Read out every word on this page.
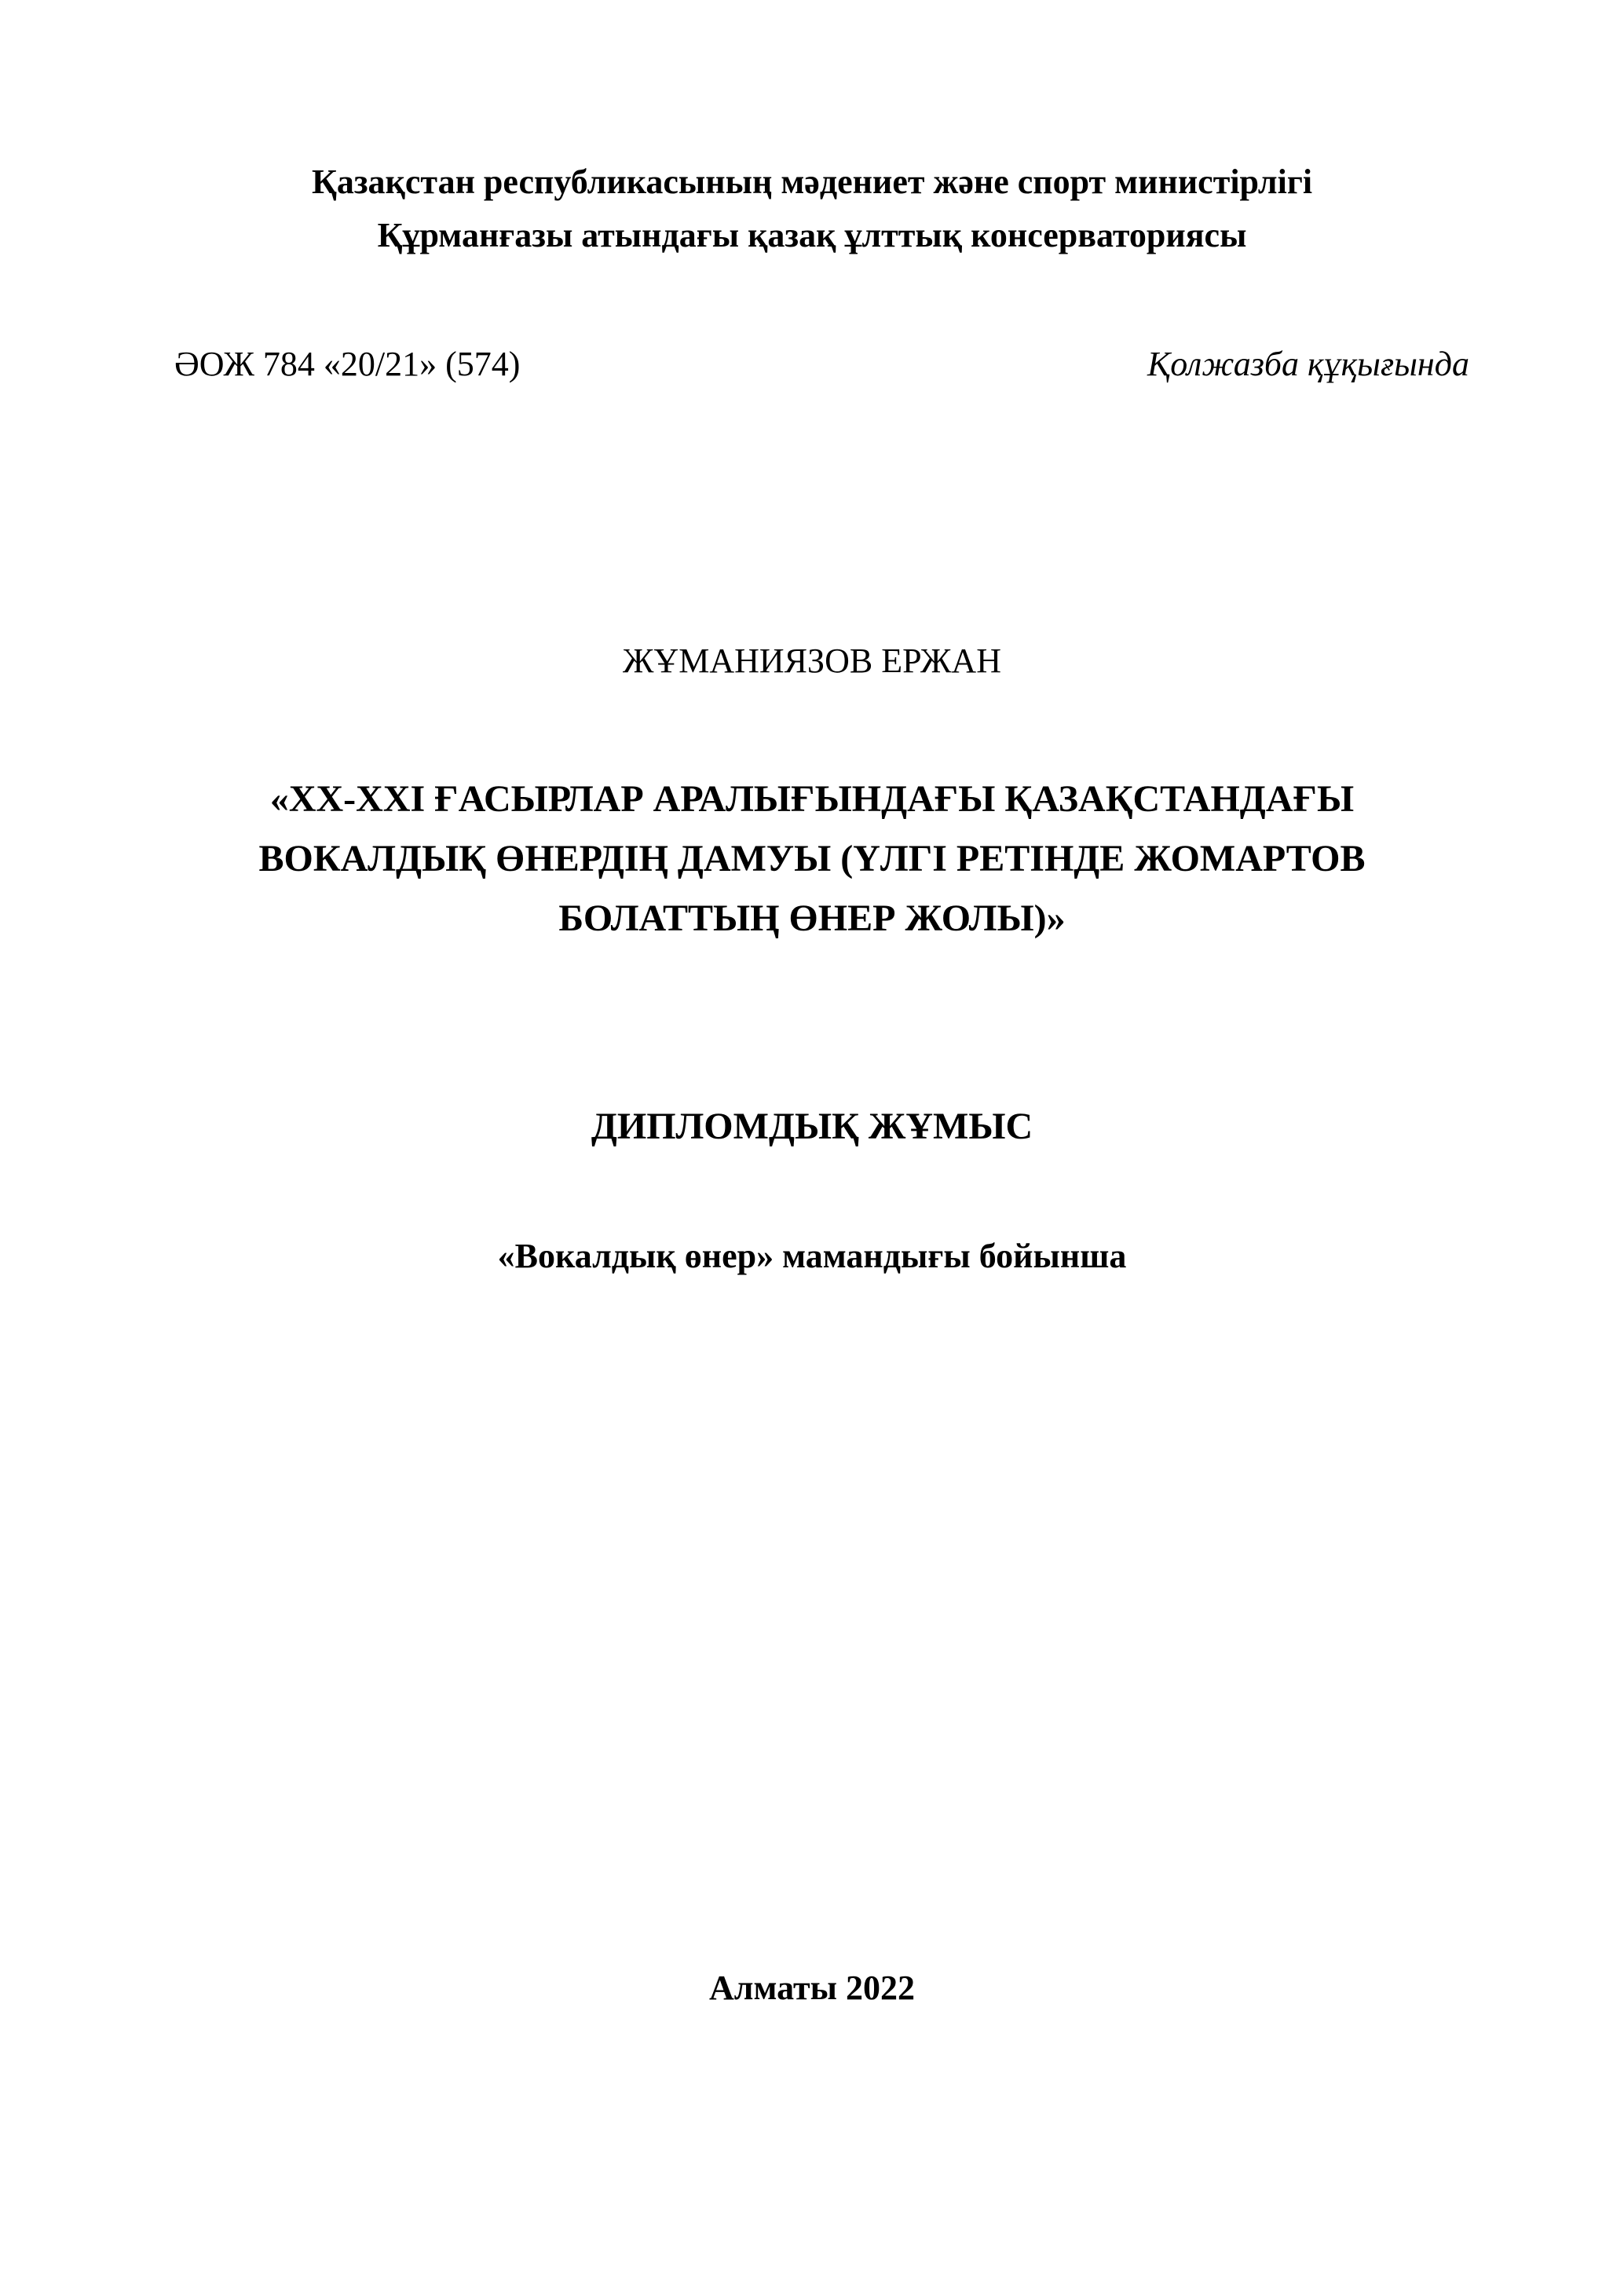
Қазақстан республикасының мәдениет және спорт министірлігі
Құрманғазы атындағы қазақ ұлттық консерваториясы
ӘОЖ 784 «20/21» (574)	Қолжазба құқығында
ЖҰМАНИЯЗОВ ЕРЖАН
«XX-XXI ҒАСЫРЛАР АРАЛЫҒЫНДАҒЫ ҚАЗАҚСТАНДАҒЫ
ВОКАЛДЫҚ ӨНЕРДІҢ ДАМУЫ (ҮЛГІ РЕТІНДЕ ЖОМАРТОВ
БОЛАТТЫҢ ӨНЕР ЖОЛЫ)»
ДИПЛОМДЫҚ ЖҰМЫС
«Вокалдық өнер» мамандығы бойынша
Алматы 2022
